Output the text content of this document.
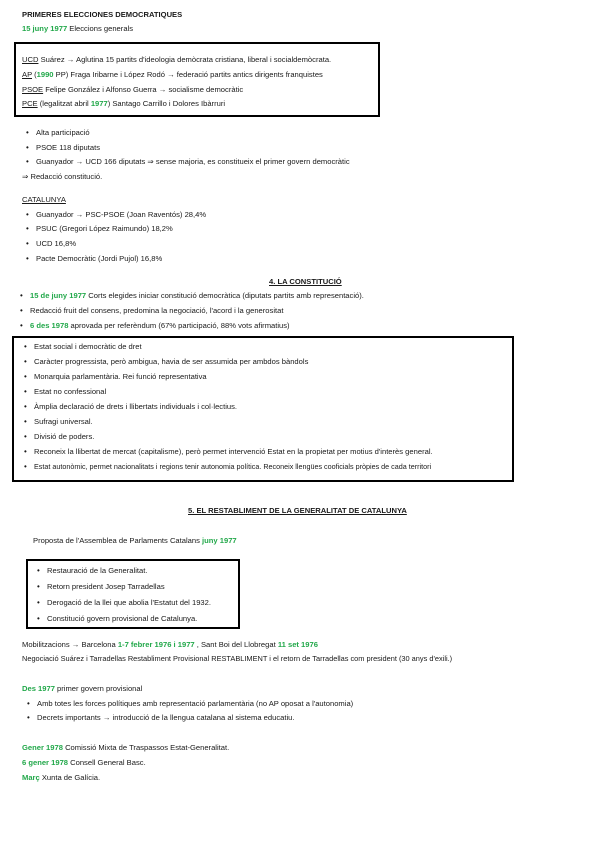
PRIMERES ELECCIONES DEMOCRATIQUES
15 juny 1977 Eleccions generals
UCD Suárez → Aglutina 15 partits d'ideologia demòcrata cristiana, liberal i socialdemòcrata.
AP (1990 PP) Fraga Iribarne i López Rodó → federació partits antics dirigents franquistes
PSOE Felipe González i Alfonso Guerra → socialisme democràtic
PCE (legalitzat abril 1977) Santago Carrillo i Dolores Ibàrruri
• Alta participació
• PSOE 118 diputats
• Guanyador → UCD 166 diputats ⇒ sense majoria, es constitueix el primer govern democràtic
⇒ Redacció constitució.
CATALUNYA
• Guanyador → PSC-PSOE (Joan Raventós) 28,4%
• PSUC (Gregori López Raimundo) 18,2%
• UCD 16,8%
• Pacte Democràtic (Jordi Pujol) 16,8%
4. LA CONSTITUCIÓ
• 15 de juny 1977 Corts elegides iniciar constitució democràtica (diputats partits amb representació).
• Redacció fruit del consens, predomina la negociació, l'acord i la generositat
• 6 des 1978 aprovada per referèndum (67% participació, 88% vots afirmatius)
• Estat social i democràtic de dret
• Caràcter progressista, però ambigua, havia de ser assumida per ambdos bàndols
• Monarquia parlamentària. Rei funció representativa
• Estat no confessional
• Àmplia declaració de drets i llibertats individuals i col·lectius.
• Sufragi universal.
• Divisió de poders.
• Reconeix la llibertat de mercat (capitalisme), però permet intervenció Estat en la propietat per motius d'interès general.
• Estat autonòmic, permet nacionalitats i regions tenir autonomia política. Reconeix llengües cooficials pròpies de cada territori
5. EL RESTABLIMENT DE LA GENERALITAT DE CATALUNYA
Proposta de l'Assemblea de Parlaments Catalans juny 1977
• Restauració de la Generalitat.
• Retorn president Josep Tarradellas
• Derogació de la llei que abolia l'Estatut del 1932.
• Constitució govern provisional de Catalunya.
Mobilitzacions → Barcelona 1-7 febrer 1976 i 1977 , Sant Boi del Llobregat 11 set 1976
Negociació Suárez i Tarradellas Restabliment Provisional RESTABLIMENT i el retorn de Tarradellas com president (30 anys d'exili.)
Des 1977 primer govern provisional
• Amb totes les forces polítiques amb representació parlamentària (no AP oposat a l'autonomia)
• Decrets importants → introducció de la llengua catalana al sistema educatiu.
Gener 1978 Comissió Mixta de Traspassos Estat-Generalitat.
6 gener 1978 Consell General Basc.
Març Xunta de Galícia.
